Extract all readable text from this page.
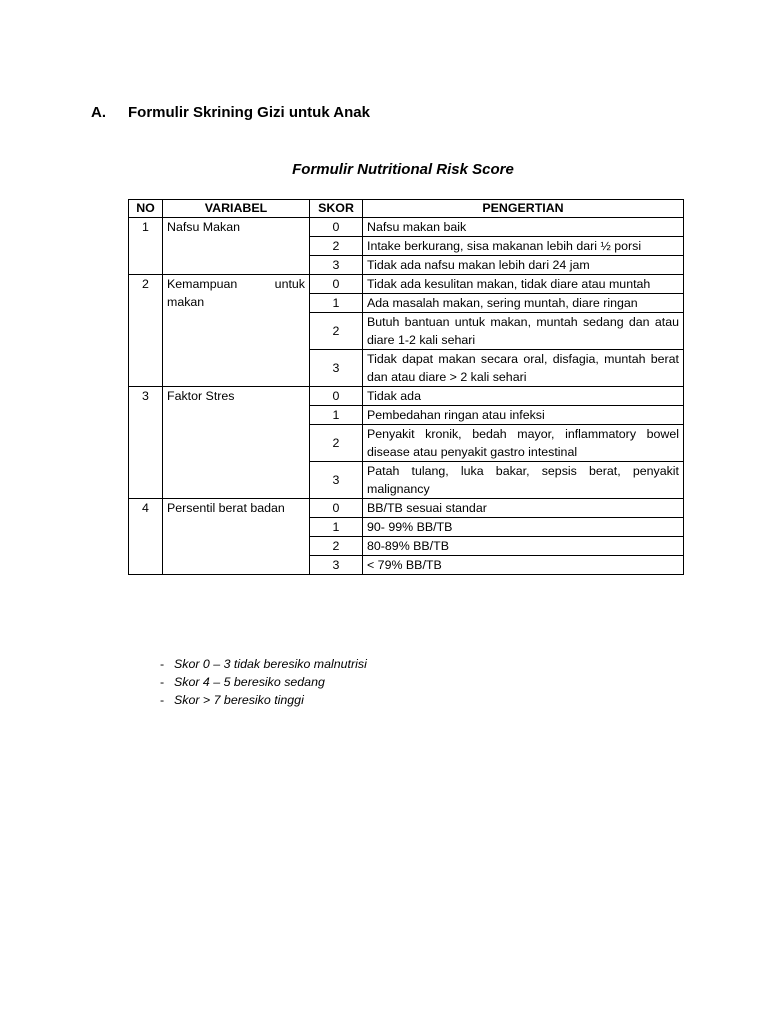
A.	Formulir Skrining Gizi untuk Anak
Formulir Nutritional Risk Score
NO	VARIABEL	SKOR	PENGERTIAN
1	Nafsu Makan	0	Nafsu makan baik
		2	Intake berkurang, sisa makanan lebih dari ½ porsi
		3	Tidak ada nafsu makan lebih dari 24 jam
2	Kemampuan untuk makan	0	Tidak ada kesulitan makan, tidak diare atau muntah
		1	Ada masalah makan, sering muntah, diare ringan
		2	Butuh bantuan untuk makan, muntah sedang dan atau diare 1-2 kali sehari
		3	Tidak dapat makan secara oral, disfagia, muntah berat dan atau diare > 2 kali sehari
3	Faktor Stres	0	Tidak ada
		1	Pembedahan ringan atau infeksi
		2	Penyakit kronik, bedah mayor, inflammatory bowel disease atau penyakit gastro intestinal
		3	Patah tulang, luka bakar, sepsis berat, penyakit malignancy
4	Persentil berat badan	0	BB/TB sesuai standar
		1	90- 99% BB/TB
		2	80-89% BB/TB
		3	< 79% BB/TB
- Skor 0 – 3 tidak beresiko malnutrisi
- Skor 4 – 5 beresiko sedang
- Skor > 7 beresiko tinggi
